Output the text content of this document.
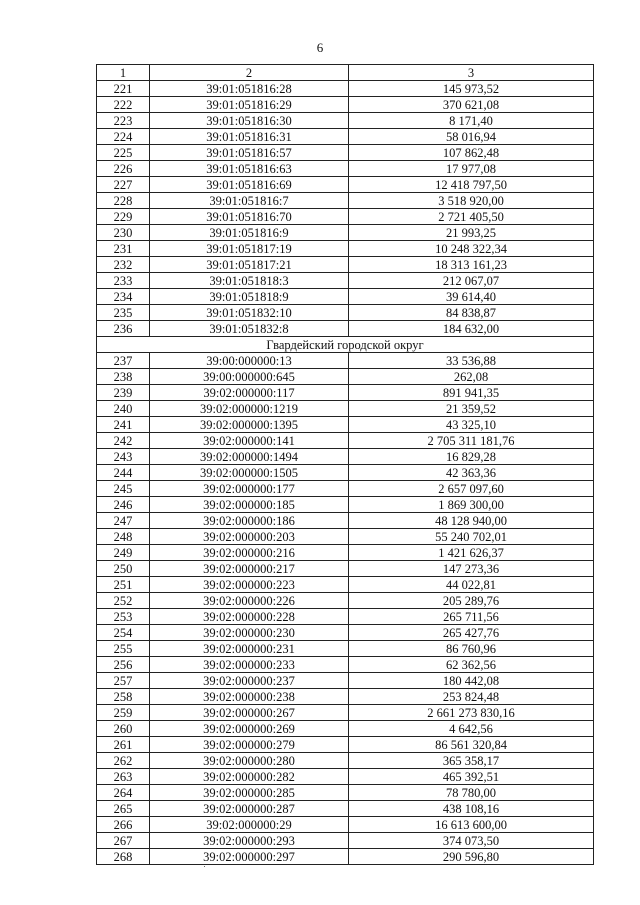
6
1	2	3
221	39:01:051816:28	145 973,52
222	39:01:051816:29	370 621,08
223	39:01:051816:30	8 171,40
224	39:01:051816:31	58 016,94
225	39:01:051816:57	107 862,48
226	39:01:051816:63	17 977,08
227	39:01:051816:69	12 418 797,50
228	39:01:051816:7	3 518 920,00
229	39:01:051816:70	2 721 405,50
230	39:01:051816:9	21 993,25
231	39:01:051817:19	10 248 322,34
232	39:01:051817:21	18 313 161,23
233	39:01:051818:3	212 067,07
234	39:01:051818:9	39 614,40
235	39:01:051832:10	84 838,87
236	39:01:051832:8	184 632,00
Гвардейский городской округ		
237	39:00:000000:13	33 536,88
238	39:00:000000:645	262,08
239	39:02:000000:117	891 941,35
240	39:02:000000:1219	21 359,52
241	39:02:000000:1395	43 325,10
242	39:02:000000:141	2 705 311 181,76
243	39:02:000000:1494	16 829,28
244	39:02:000000:1505	42 363,36
245	39:02:000000:177	2 657 097,60
246	39:02:000000:185	1 869 300,00
247	39:02:000000:186	48 128 940,00
248	39:02:000000:203	55 240 702,01
249	39:02:000000:216	1 421 626,37
250	39:02:000000:217	147 273,36
251	39:02:000000:223	44 022,81
252	39:02:000000:226	205 289,76
253	39:02:000000:228	265 711,56
254	39:02:000000:230	265 427,76
255	39:02:000000:231	86 760,96
256	39:02:000000:233	62 362,56
257	39:02:000000:237	180 442,08
258	39:02:000000:238	253 824,48
259	39:02:000000:267	2 661 273 830,16
260	39:02:000000:269	4 642,56
261	39:02:000000:279	86 561 320,84
262	39:02:000000:280	365 358,17
263	39:02:000000:282	465 392,51
264	39:02:000000:285	78 780,00
265	39:02:000000:287	438 108,16
266	39:02:000000:29	16 613 600,00
267	39:02:000000:293	374 073,50
268	39:02:000000:297	290 596,80
